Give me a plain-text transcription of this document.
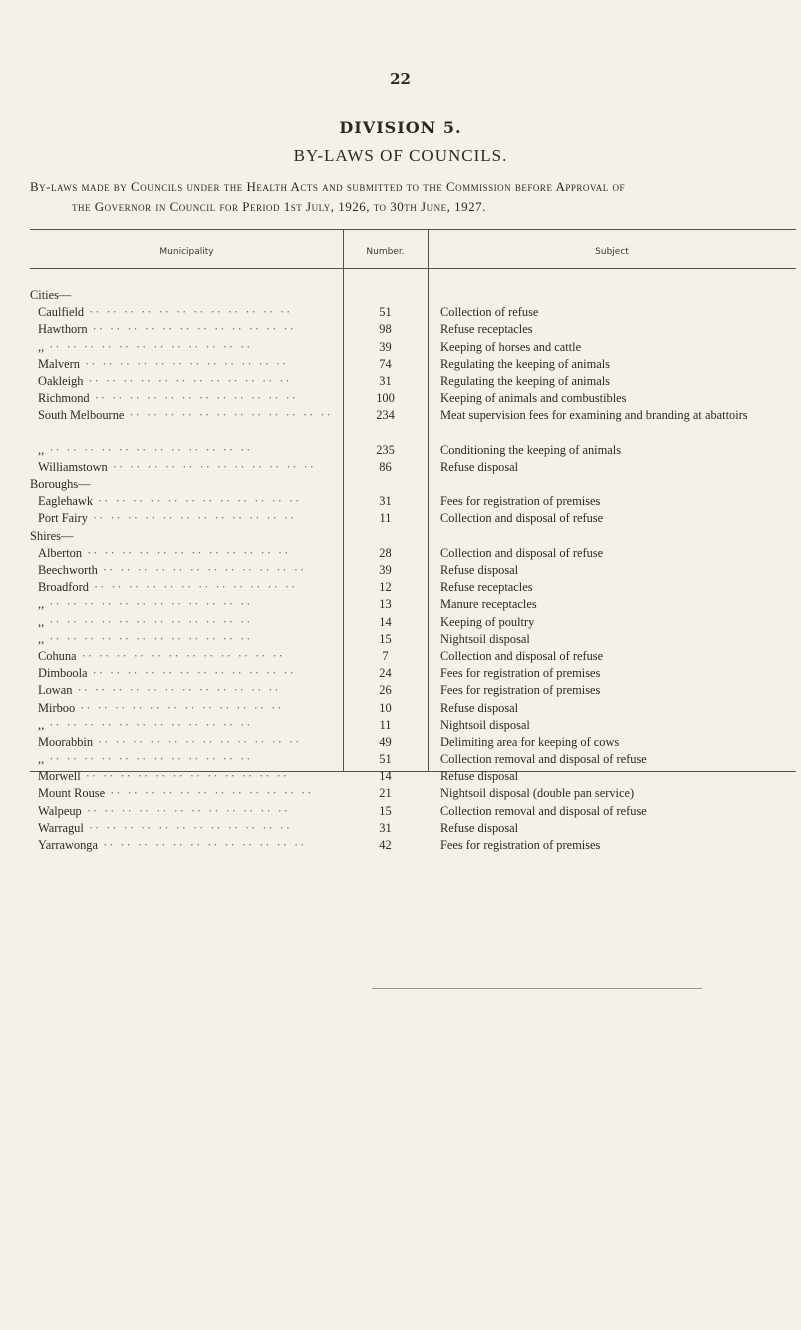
22
DIVISION 5.
BY-LAWS OF COUNCILS.
By-laws made by Councils under the Health Acts and submitted to the Commission before Approval of
the Governor in Council for Period 1st July, 1926, to 30th June, 1927.
Municipality	Number.	Subject
Cities—
Caulfield ·· ·· ·· ·· ·· ·· ·· ·· ·· ·· ·· ··	51	Collection of refuse
Hawthorn ·· ·· ·· ·· ·· ·· ·· ·· ·· ·· ·· ··	98	Refuse receptacles
,, ·· ·· ·· ·· ·· ·· ·· ·· ·· ·· ·· ··	39	Keeping of horses and cattle
Malvern ·· ·· ·· ·· ·· ·· ·· ·· ·· ·· ·· ··	74	Regulating the keeping of animals
Oakleigh ·· ·· ·· ·· ·· ·· ·· ·· ·· ·· ·· ··	31	Regulating the keeping of animals
Richmond ·· ·· ·· ·· ·· ·· ·· ·· ·· ·· ·· ··	100	Keeping of animals and combustibles
South Melbourne ·· ·· ·· ·· ·· ·· ·· ·· ·· ·· ·· ··	234	Meat supervision fees for examining and branding at abattoirs
,, ·· ·· ·· ·· ·· ·· ·· ·· ·· ·· ·· ··	235	Conditioning the keeping of animals
Williamstown ·· ·· ·· ·· ·· ·· ·· ·· ·· ·· ·· ··	86	Refuse disposal
Boroughs—
Eaglehawk ·· ·· ·· ·· ·· ·· ·· ·· ·· ·· ·· ··	31	Fees for registration of premises
Port Fairy ·· ·· ·· ·· ·· ·· ·· ·· ·· ·· ·· ··	11	Collection and disposal of refuse
Shires—
Alberton ·· ·· ·· ·· ·· ·· ·· ·· ·· ·· ·· ··	28	Collection and disposal of refuse
Beechworth ·· ·· ·· ·· ·· ·· ·· ·· ·· ·· ·· ··	39	Refuse disposal
Broadford ·· ·· ·· ·· ·· ·· ·· ·· ·· ·· ·· ··	12	Refuse receptacles
,, ·· ·· ·· ·· ·· ·· ·· ·· ·· ·· ·· ··	13	Manure receptacles
,, ·· ·· ·· ·· ·· ·· ·· ·· ·· ·· ·· ··	14	Keeping of poultry
,, ·· ·· ·· ·· ·· ·· ·· ·· ·· ·· ·· ··	15	Nightsoil disposal
Cohuna ·· ·· ·· ·· ·· ·· ·· ·· ·· ·· ·· ··	7	Collection and disposal of refuse
Dimboola ·· ·· ·· ·· ·· ·· ·· ·· ·· ·· ·· ··	24	Fees for registration of premises
Lowan ·· ·· ·· ·· ·· ·· ·· ·· ·· ·· ·· ··	26	Fees for registration of premises
Mirboo ·· ·· ·· ·· ·· ·· ·· ·· ·· ·· ·· ··	10	Refuse disposal
,, ·· ·· ·· ·· ·· ·· ·· ·· ·· ·· ·· ··	11	Nightsoil disposal
Moorabbin ·· ·· ·· ·· ·· ·· ·· ·· ·· ·· ·· ··	49	Delimiting area for keeping of cows
,, ·· ·· ·· ·· ·· ·· ·· ·· ·· ·· ·· ··	51	Collection removal and disposal of refuse
Morwell ·· ·· ·· ·· ·· ·· ·· ·· ·· ·· ·· ··	14	Refuse disposal
Mount Rouse ·· ·· ·· ·· ·· ·· ·· ·· ·· ·· ·· ··	21	Nightsoil disposal (double pan service)
Walpeup ·· ·· ·· ·· ·· ·· ·· ·· ·· ·· ·· ··	15	Collection removal and disposal of refuse
Warragul ·· ·· ·· ·· ·· ·· ·· ·· ·· ·· ·· ··	31	Refuse disposal
Yarrawonga ·· ·· ·· ·· ·· ·· ·· ·· ·· ·· ·· ··	42	Fees for registration of premises
